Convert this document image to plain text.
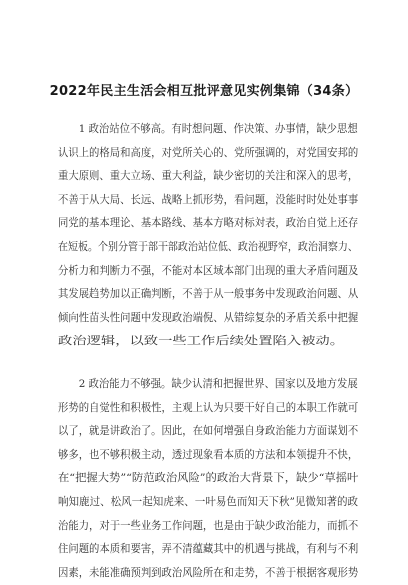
2022年民主生活会相互批评意见实例集锦（34条）
　　1 政治站位不够高。有时想问题、作决策、办事情，缺少思想
认识上的格局和高度，对党所关心的、党所强调的，对党国安邦的
重大原则、重大立场、重大利益，缺少密切的关注和深入的思考，
不善于从大局、长远、战略上抓形势，看问题，没能时时处处事事
同党的基本理论、基本路线、基本方略对标対表，政治自觉上还存
在短板。个别分管于部干部政治站位低、政治视野窄，政治洞察力、
分析力和判断力不强，不能对本区域本部门出现的重大矛盾问题及
其发展趋势加以正确判断，不善于从一般事务中发现政治问题、从
倾向性苗头性问题中发现政治端倪、从错综复杂的矛盾关系中把握
政治逻辑，以致一些工作后续处置陷入被动。
　　2 政治能力不够强。缺少认清和把握世界、国家以及地方发展
形势的自觉性和积极性，主观上认为只要干好自己的本职工作就可
以了，就是讲政治了。因此，在如何增强自身政治能力方面谋划不
够多，也不够积极主动，透过现象看本质的方法和本领提升不快，
在“把握大势”“防范政治风险”的政治大背景下，缺少“草摇叶
响知鹿过、松风一起知虎来、一叶易色而知天下秋”见微知著的政
治能力，对于一些业务工作问题，也是由于缺少政治能力，而抓不
住问题的本质和要害，弄不清蕴藏其中的机遇与挑战，有利与不利
因素，未能准确预判到政治风险所在和走势，不善于根据客观形势
